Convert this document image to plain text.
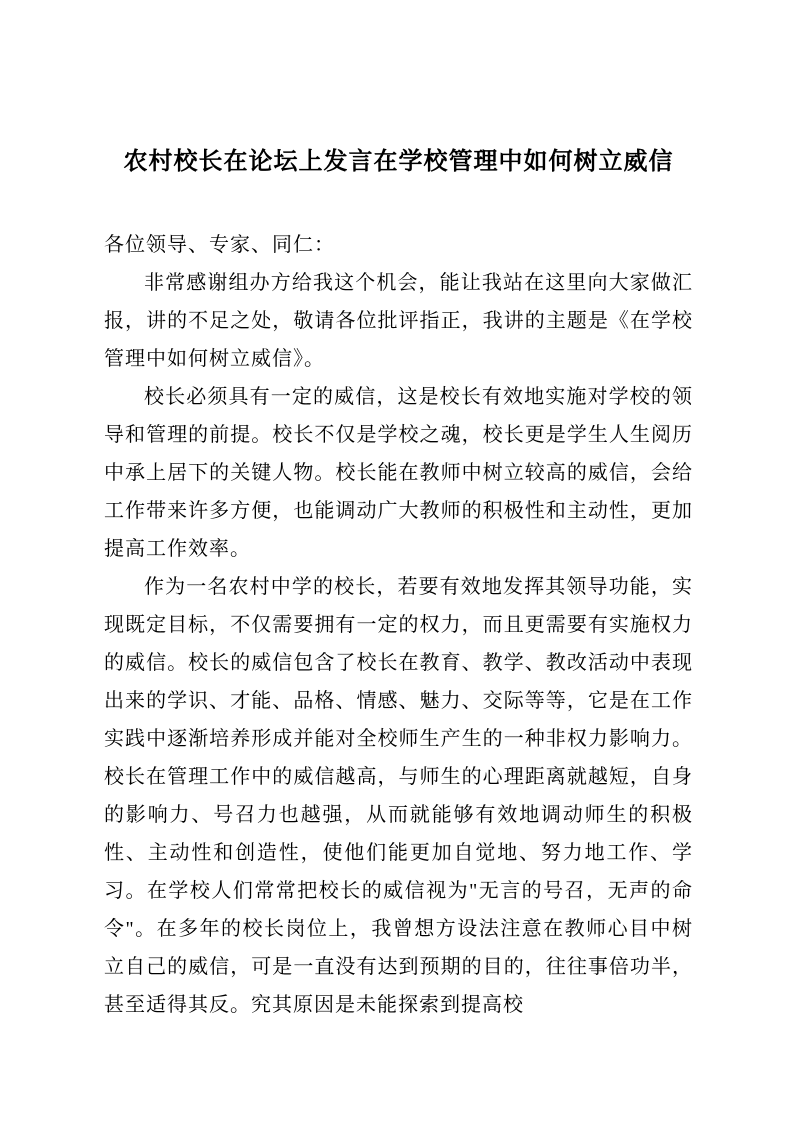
农村校长在论坛上发言在学校管理中如何树立威信

各位领导、专家、同仁：

非常感谢组办方给我这个机会，能让我站在这里向大家做汇报，讲的不足之处，敬请各位批评指正，我讲的主题是《在学校管理中如何树立威信》。

校长必须具有一定的威信，这是校长有效地实施对学校的领导和管理的前提。校长不仅是学校之魂，校长更是学生人生阅历中承上居下的关键人物。校长能在教师中树立较高的威信，会给工作带来许多方便，也能调动广大教师的积极性和主动性，更加提高工作效率。

作为一名农村中学的校长，若要有效地发挥其领导功能，实现既定目标，不仅需要拥有一定的权力，而且更需要有实施权力的威信。校长的威信包含了校长在教育、教学、教改活动中表现出来的学识、才能、品格、情感、魅力、交际等等，它是在工作实践中逐渐培养形成并能对全校师生产生的一种非权力影响力。校长在管理工作中的威信越高，与师生的心理距离就越短，自身的影响力、号召力也越强，从而就能够有效地调动师生的积极性、主动性和创造性，使他们能更加自觉地、努力地工作、学习。在学校人们常常把校长的威信视为"无言的号召，无声的命令"。在多年的校长岗位上，我曾想方设法注意在教师心目中树立自己的威信，可是一直没有达到预期的目的，往往事倍功半，甚至适得其反。究其原因是未能探索到提高校
